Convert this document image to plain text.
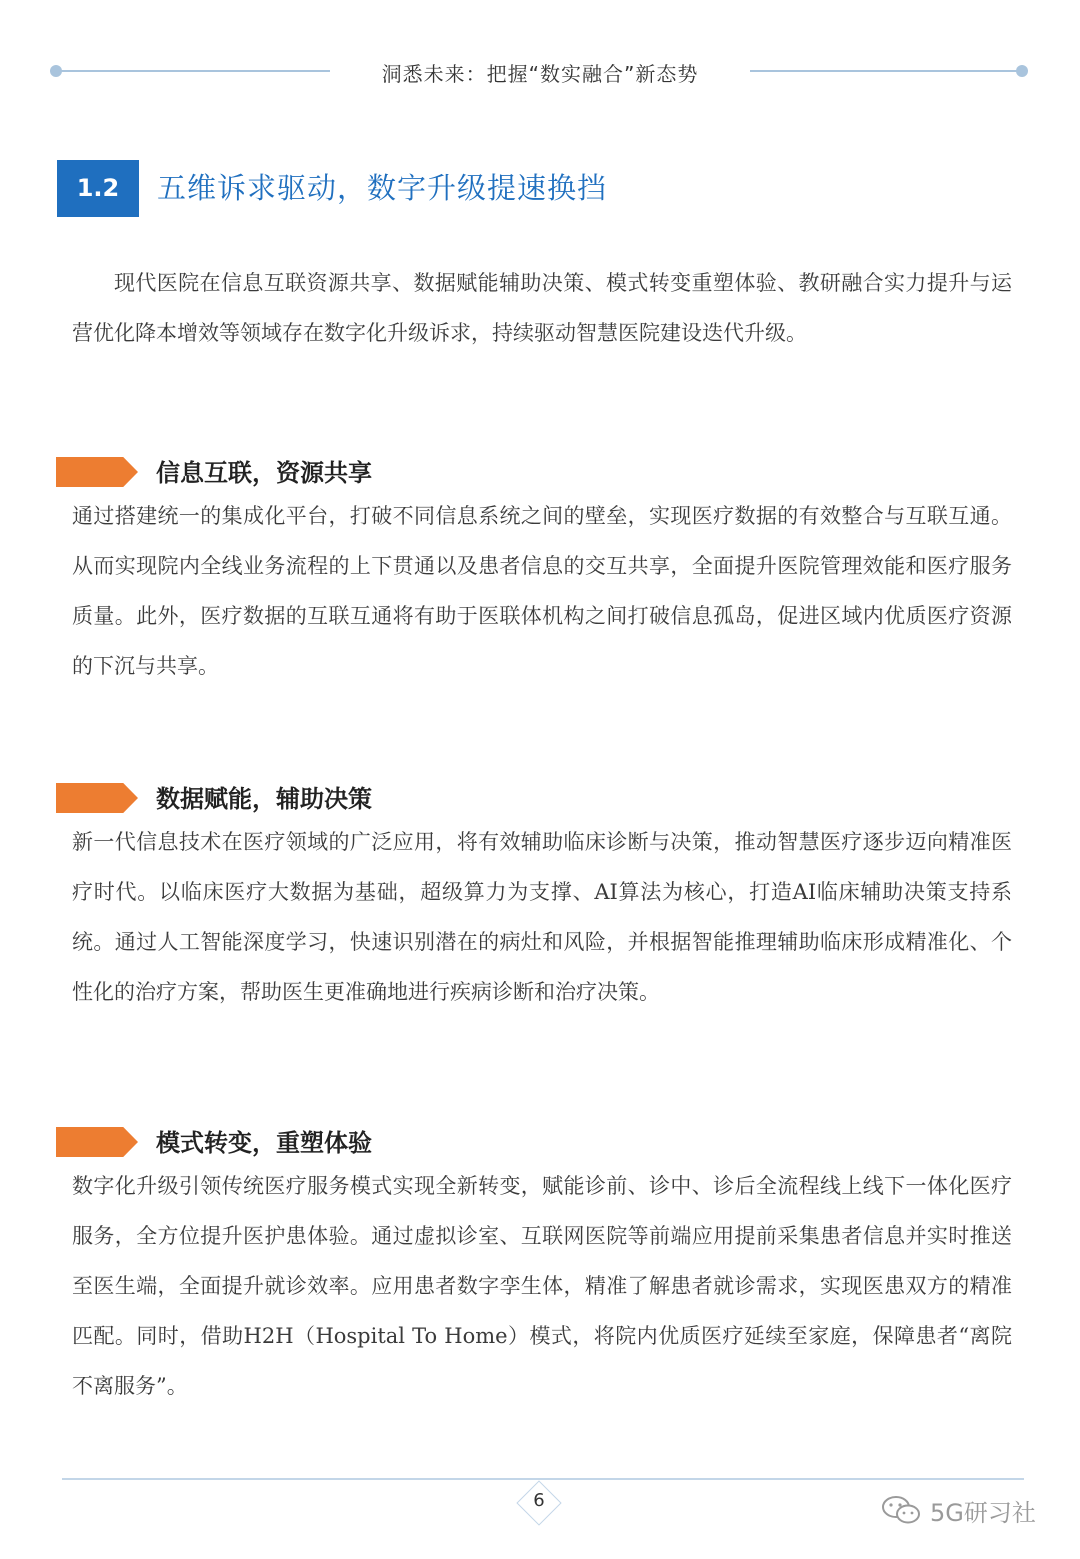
洞悉未来：把握“数实融合”新态势
1.2	五维诉求驱动，数字升级提速换挡

现代医院在信息互联资源共享、数据赋能辅助决策、模式转变重塑体验、教研融合实力提升与运营优化降本增效等领域存在数字化升级诉求，持续驱动智慧医院建设迭代升级。

信息互联，资源共享

通过搭建统一的集成化平台，打破不同信息系统之间的壁垒，实现医疗数据的有效整合与互联互通。从而实现院内全线业务流程的上下贯通以及患者信息的交互共享，全面提升医院管理效能和医疗服务质量。此外，医疗数据的互联互通将有助于医联体机构之间打破信息孤岛，促进区域内优质医疗资源的下沉与共享。

数据赋能，辅助决策

新一代信息技术在医疗领域的广泛应用，将有效辅助临床诊断与决策，推动智慧医疗逐步迈向精准医疗时代。以临床医疗大数据为基础，超级算力为支撑、AI算法为核心，打造AI临床辅助决策支持系统。通过人工智能深度学习，快速识别潜在的病灶和风险，并根据智能推理辅助临床形成精准化、个性化的治疗方案，帮助医生更准确地进行疾病诊断和治疗决策。

模式转变，重塑体验

数字化升级引领传统医疗服务模式实现全新转变，赋能诊前、诊中、诊后全流程线上线下一体化医疗服务，全方位提升医护患体验。通过虚拟诊室、互联网医院等前端应用提前采集患者信息并实时推送至医生端，全面提升就诊效率。应用患者数字孪生体，精准了解患者就诊需求，实现医患双方的精准匹配。同时，借助H2H（Hospital To Home）模式，将院内优质医疗延续至家庭，保障患者“离院不离服务”。

6	5G研习社
